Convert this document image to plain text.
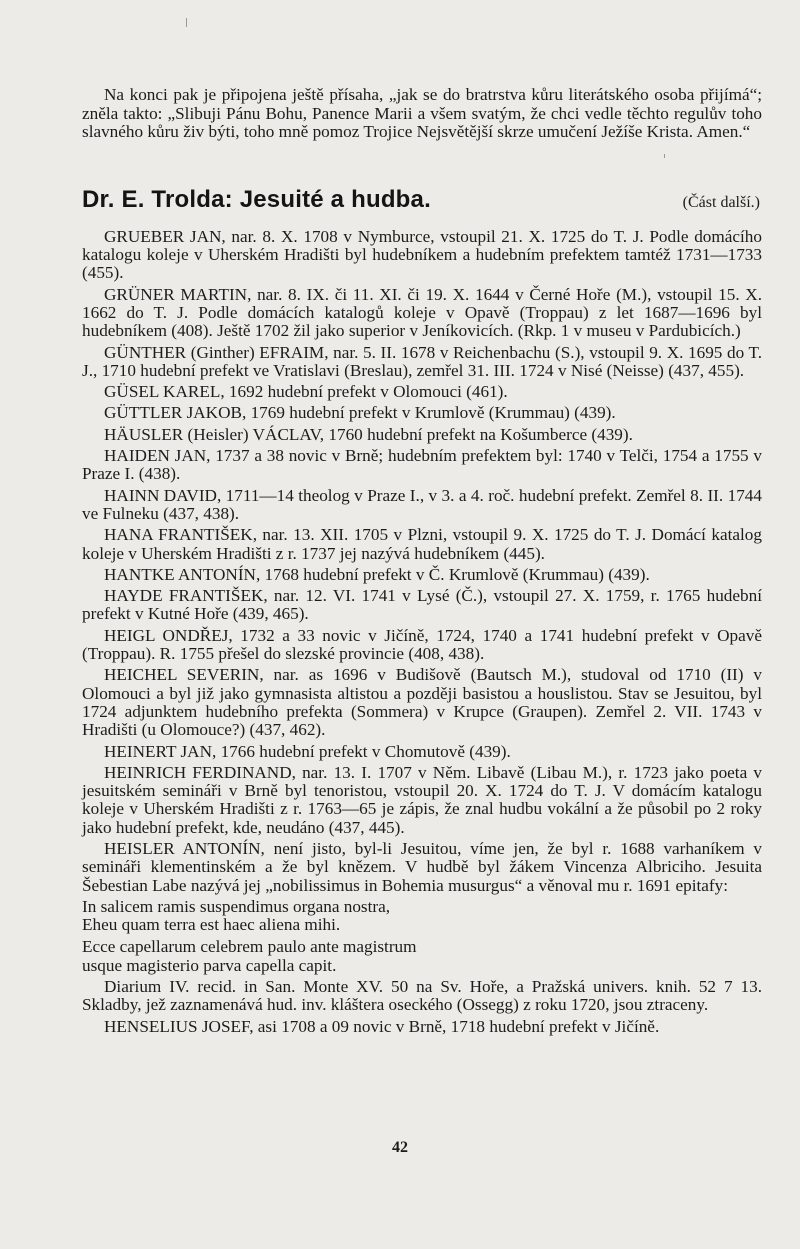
Na konci pak je připojena ještě přísaha, „jak se do bratrstva kůru literátského osoba přijímá“; zněla takto: „Slibuji Pánu Bohu, Panence Marii a všem svatým, že chci vedle těchto regulův toho slavného kůru živ býti, toho mně pomoz Trojice Nejsvětější skrze umučení Ježíše Krista. Amen.“

Dr. E. Trolda: Jesuité a hudba.	(Část další.)

GRUEBER JAN, nar. 8. X. 1708 v Nymburce, vstoupil 21. X. 1725 do T. J. Podle domácího katalogu koleje v Uherském Hradišti byl hudebníkem a hudebním prefektem tamtéž 1731—1733 (455).

GRÜNER MARTIN, nar. 8. IX. či 11. XI. či 19. X. 1644 v Černé Hoře (M.), vstoupil 15. X. 1662 do T. J. Podle domácích katalogů koleje v Opavě (Troppau) z let 1687—1696 byl hudebníkem (408). Ještě 1702 žil jako superior v Jeníkovicích. (Rkp. 1 v museu v Pardubicích.)

GÜNTHER (Ginther) EFRAIM, nar. 5. II. 1678 v Reichenbachu (S.), vstoupil 9. X. 1695 do T. J., 1710 hudební prefekt ve Vratislavi (Breslau), zemřel 31. III. 1724 v Nisé (Neisse) (437, 455).

GÜSEL KAREL, 1692 hudební prefekt v Olomouci (461).

GÜTTLER JAKOB, 1769 hudební prefekt v Krumlově (Krummau) (439).

HÄUSLER (Heisler) VÁCLAV, 1760 hudební prefekt na Košumberce (439).

HAIDEN JAN, 1737 a 38 novic v Brně; hudebním prefektem byl: 1740 v Telči, 1754 a 1755 v Praze I. (438).

HAINN DAVID, 1711—14 theolog v Praze I., v 3. a 4. roč. hudební prefekt. Zemřel 8. II. 1744 ve Fulneku (437, 438).

HANA FRANTIŠEK, nar. 13. XII. 1705 v Plzni, vstoupil 9. X. 1725 do T. J. Domácí katalog koleje v Uherském Hradišti z r. 1737 jej nazývá hudebníkem (445).

HANTKE ANTONÍN, 1768 hudební prefekt v Č. Krumlově (Krummau) (439).

HAYDE FRANTIŠEK, nar. 12. VI. 1741 v Lysé (Č.), vstoupil 27. X. 1759, r. 1765 hudební prefekt v Kutné Hoře (439, 465).

HEIGL ONDŘEJ, 1732 a 33 novic v Jičíně, 1724, 1740 a 1741 hudební prefekt v Opavě (Troppau). R. 1755 přešel do slezské provincie (408, 438).

HEICHEL SEVERIN, nar. as 1696 v Budišově (Bautsch M.), studoval od 1710 (II) v Olomouci a byl již jako gymnasista altistou a později basistou a houslistou. Stav se Jesuitou, byl 1724 adjunktem hudebního prefekta (Sommera) v Krupce (Graupen). Zemřel 2. VII. 1743 v Hradišti (u Olomouce?) (437, 462).

HEINERT JAN, 1766 hudební prefekt v Chomutově (439).

HEINRICH FERDINAND, nar. 13. I. 1707 v Něm. Libavě (Libau M.), r. 1723 jako poeta v jesuitském semináři v Brně byl tenoristou, vstoupil 20. X. 1724 do T. J. V domácím katalogu koleje v Uherském Hradišti z r. 1763—65 je zápis, že znal hudbu vokální a že působil po 2 roky jako hudební prefekt, kde, neudáno (437, 445).

HEISLER ANTONÍN, není jisto, byl-li Jesuitou, víme jen, že byl r. 1688 varhaníkem v semináři klementinském a že byl knězem. V hudbě byl žákem Vincenza Albriciho. Jesuita Šebestian Labe nazývá jej „nobilissimus in Bohemia musurgus“ a věnoval mu r. 1691 epitafy:

In salicem ramis suspendimus organa nostra,

Eheu quam terra est haec aliena mihi.

Ecce capellarum celebrem paulo ante magistrum

usque magisterio parva capella capit.

Diarium IV. recid. in San. Monte XV. 50 na Sv. Hoře, a Pražská univers. knih. 52 7 13. Skladby, jež zaznamenává hud. inv. kláštera oseckého (Ossegg) z roku 1720, jsou ztraceny.

HENSELIUS JOSEF, asi 1708 a 09 novic v Brně, 1718 hudební prefekt v Jičíně.

42
